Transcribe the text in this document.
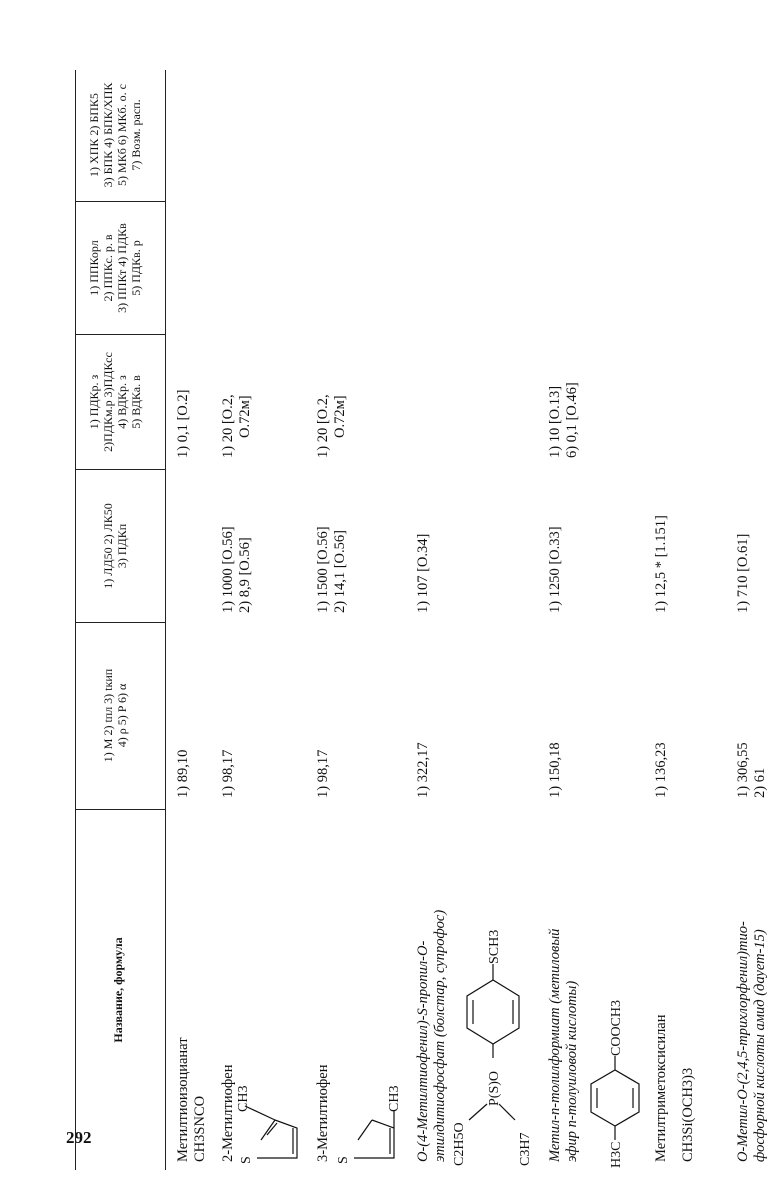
292
Название, формула
1) M 2) tпл 3) tкип 4) ρ 5) P 6) α
1) ЛД50 2) ЛК50 3) ПДКп
1) ПДКр. з 2)ПДКм.р 3)ПДКсс 4) ВДКр. з 5) ВДКа. в
1) ППКорл 2) ППКс. р. в 3) ППКт 4) ПДКв 5) ПДКв. р
1) ХПК 2) БПК5 3) БПК 4) БПК/ХПК 5) МКб 6) МКб. о. с 7) Возм. расп.
Метилтиоизоцианат CH3SNCO
1) 89,10
1) 0,1 [O.2]
2-Метилтиофен S
CH3
1) 98,17
1) 1000 [O.56] 2) 8,9 [O.56]
1) 20 [O.2, O.72м]
3-Метилтиофен S
CH3
1) 98,17
1) 1500 [O.56] 2) 14,1 [O.56]
1) 20 [O.2, O.72м]
O-(4-Метилтиофенил)-S-пропил-O- этилдитиофосфат (болстар, супрофос) C2H5O	C3H7
P(S)O
SCH3
1) 322,17
1) 107 [O.34]
Метил-n-толилформиат (метиловый эфир n-толуиловой кислоты) H3C
COOCH3
1) 150,18
1) 1250 [O.33]
1) 10 [O.13] 6) 0,1 [O.46]
Метилтриметоксисилан CH3Si(OCH3)3
1) 136,23
1) 12,5 * [1.151]
O-Метил-O-(2,4,5-трихлорфенил)тио- фосфорной кислоты амид (даует-15)
1) 306,55 2) 61
1) 710 [O.61]
